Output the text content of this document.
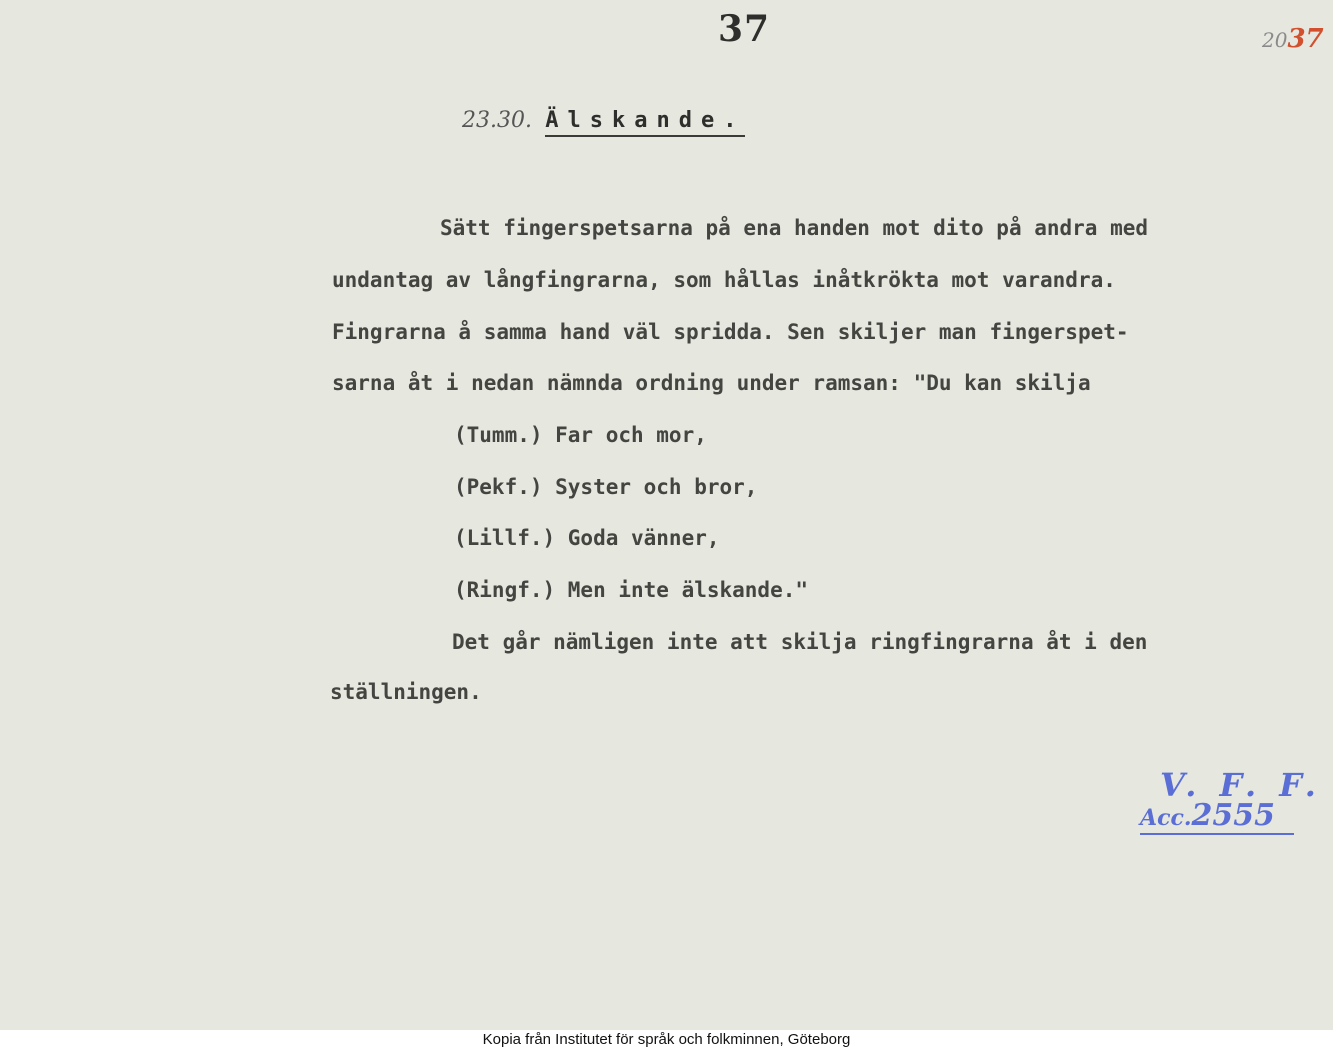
37	2037
23.30. Älskande.
Sätt fingerspetsarna på ena handen mot dito på andra med
undantag av långfingrarna, som hållas inåtkrökta mot varandra.
Fingrarna å samma hand väl spridda. Sen skiljer man fingerspet-
sarna åt i nedan nämnda ordning under ramsan: "Du kan skilja
(Tumm.) Far och mor,
(Pekf.) Syster och bror,
(Lillf.) Goda vänner,
(Ringf.) Men inte älskande."
Det går nämligen inte att skilja ringfingrarna åt i den
ställningen.
V. F. F.
Acc.2555
Kopia från Institutet för språk och folkminnen, Göteborg
